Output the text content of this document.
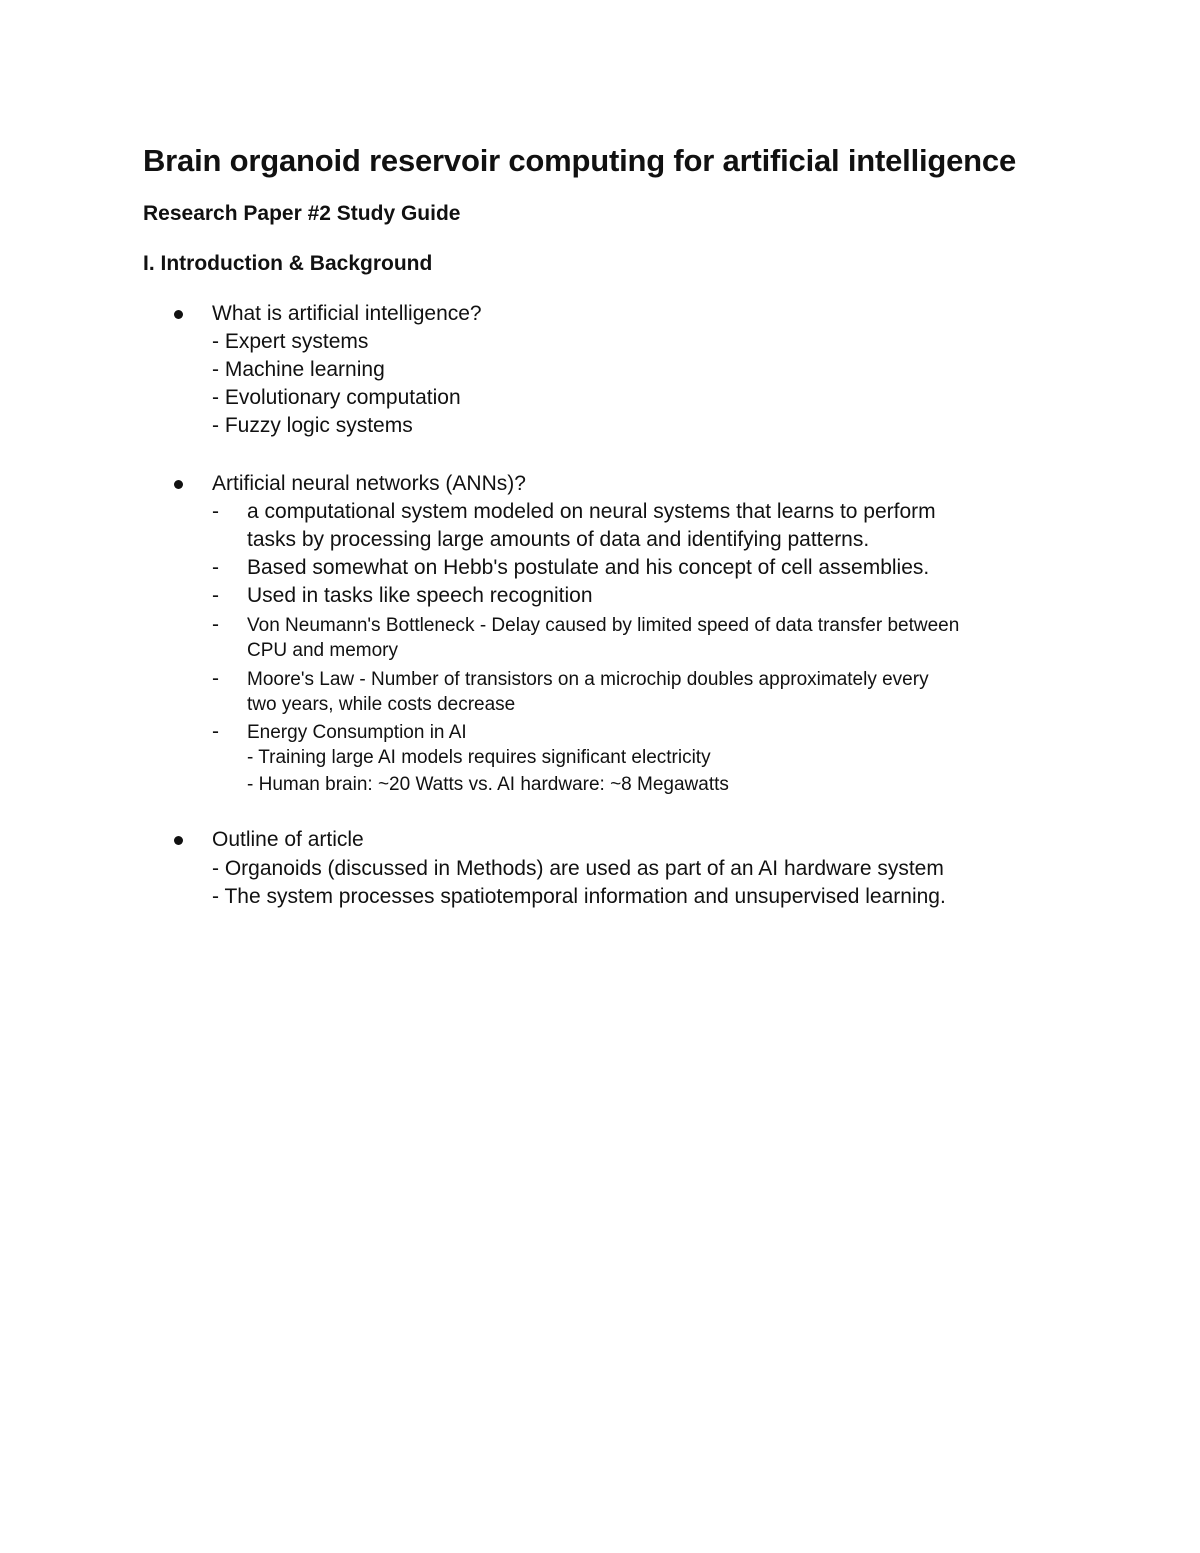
Brain organoid reservoir computing for artificial intelligence
Research Paper #2 Study Guide
I. Introduction & Background
What is artificial intelligence?
- Expert systems
- Machine learning
- Evolutionary computation
- Fuzzy logic systems
Artificial neural networks (ANNs)?
- a computational system modeled on neural systems that learns to perform
tasks by processing large amounts of data and identifying patterns.
- Based somewhat on Hebb's postulate and his concept of cell assemblies.
- Used in tasks like speech recognition
- Von Neumann's Bottleneck - Delay caused by limited speed of data transfer between
CPU and memory
- Moore's Law - Number of transistors on a microchip doubles approximately every
two years, while costs decrease
- Energy Consumption in AI
- Training large AI models requires significant electricity
- Human brain: ~20 Watts vs. AI hardware: ~8 Megawatts
Outline of article
- Organoids (discussed in Methods) are used as part of an AI hardware system
- The system processes spatiotemporal information and unsupervised learning.
